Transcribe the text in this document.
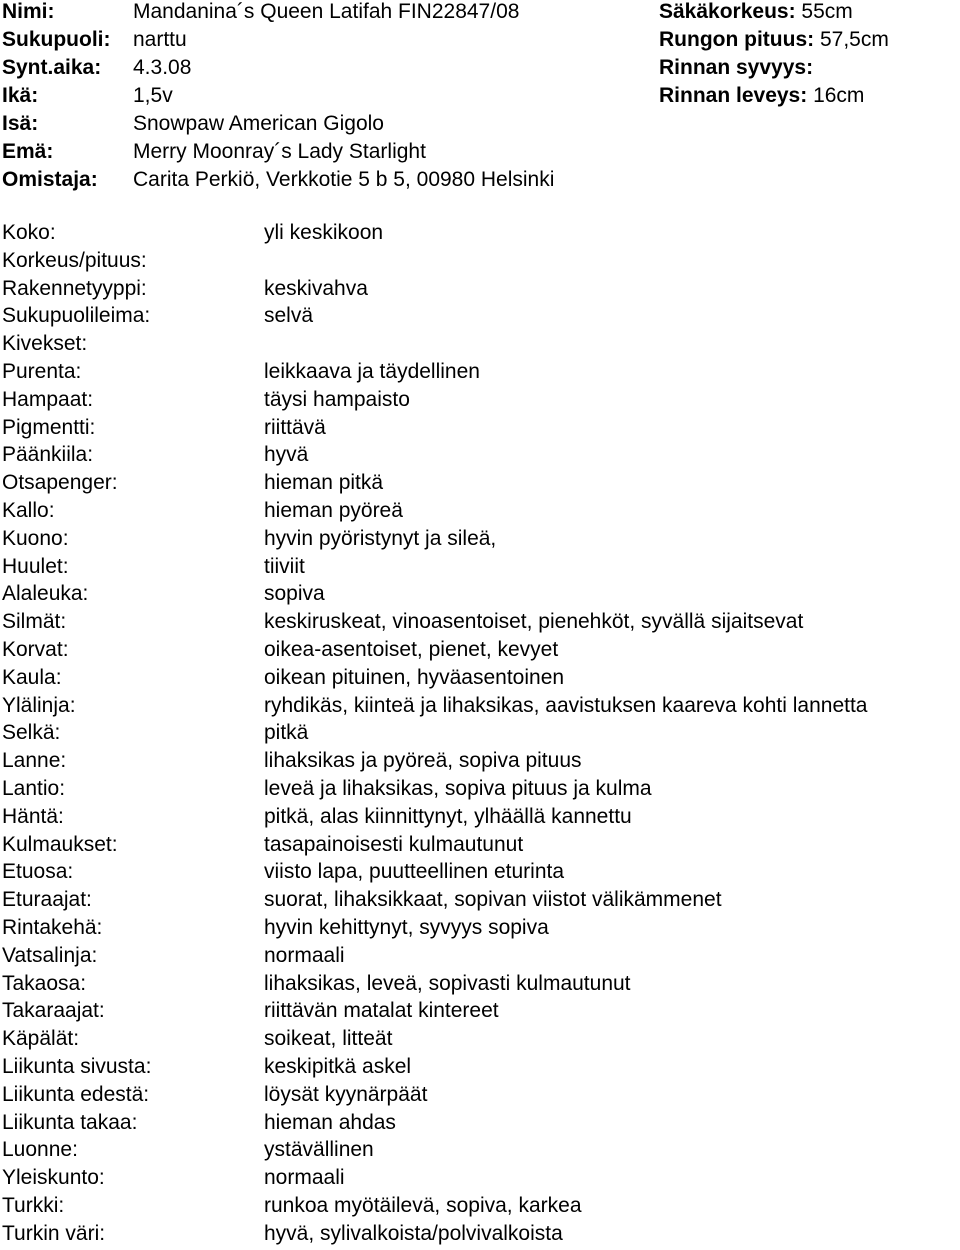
Nimi:	Mandanina´s Queen Latifah FIN22847/08	Säkäkorkeus: 55cm
Sukupuoli: narttu	Rungon pituus: 57,5cm
Synt.aika: 4.3.08	Rinnan syvyys:
Ikä:	1,5v	Rinnan leveys: 16cm
Isä:	Snowpaw American Gigolo
Emä:	Merry Moonray´s Lady Starlight
Omistaja: Carita Perkiö, Verkkotie 5 b 5, 00980 Helsinki
Koko:	yli keskikoon
Korkeus/pituus:
Rakennetyyppi:	keskivahva
Sukupuolileima:	selvä
Kivekset:
Purenta:	leikkaava ja täydellinen
Hampaat:	täysi hampaisto
Pigmentti:	riittävä
Päänkiila:	hyvä
Otsapenger:	hieman pitkä
Kallo:	hieman pyöreä
Kuono:	hyvin pyöristynyt ja sileä,
Huulet:	tiiviit
Alaleuka:	sopiva
Silmät:	keskiruskeat, vinoasentoiset, pienehköt, syvällä sijaitsevat
Korvat:	oikea-asentoiset, pienet, kevyet
Kaula:	oikean pituinen, hyväasentoinen
Ylälinja:	ryhdikäs, kiinteä ja lihaksikas, aavistuksen kaareva kohti lannetta
Selkä:	pitkä
Lanne:	lihaksikas ja pyöreä, sopiva pituus
Lantio:	leveä ja lihaksikas, sopiva pituus ja kulma
Häntä:	pitkä, alas kiinnittynyt, ylhäällä kannettu
Kulmaukset:	tasapainoisesti kulmautunut
Etuosa:	viisto lapa, puutteellinen eturinta
Eturaajat:	suorat, lihaksikkaat, sopivan viistot välikämmenet
Rintakehä:	hyvin kehittynyt, syvyys sopiva
Vatsalinja:	normaali
Takaosa:	lihaksikas, leveä, sopivasti kulmautunut
Takaraajat:	riittävän matalat kintereet
Käpälät:	soikeat, litteät
Liikunta sivusta:	keskipitkä askel
Liikunta edestä:	löysät kyynärpäät
Liikunta takaa:	hieman ahdas
Luonne:	ystävällinen
Yleiskunto:	normaali
Turkki:	runkoa myötäilevä, sopiva, karkea
Turkin väri:	hyvä, sylivalkoista/polvivalkoista
